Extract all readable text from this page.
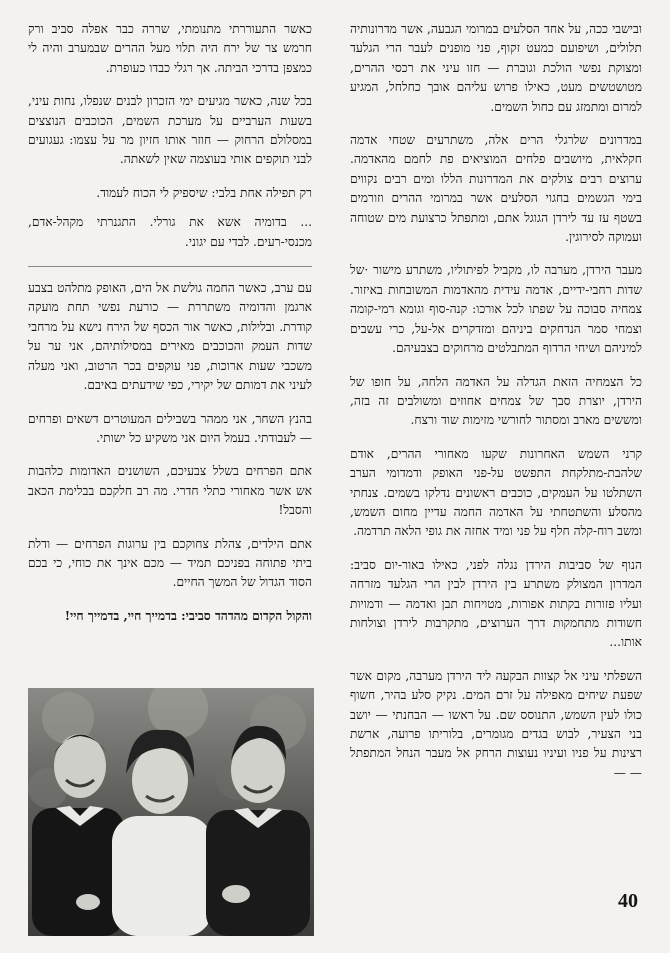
ובישבי ככה, על אחד הסלעים במרומי הגבעה, אשר מדרונותיה תלולים, ושיפועם כמעט זקוף, פני מופנים לעבר הרי הגלעד ומצוקת נפשי הולכת וגוברת — חזו עיני את רכסי ההרים, מטושטשים מעט, כאילו פרוש עליהם אובך כחלחל, המגיע למרום ומתמזג עם כחול השמים.

במדרונים שלרגלי הרים אלה, משתרעים שטחי אדמה חקלאית, מיושבים פלחים המוציאים פת לחמם מהאדמה. ערוצים רבים צולקים את המדרונות הללו ומים רבים נקווים בימי הגשמים בחגוי הסלעים אשר במרומי ההרים וזורמים בשטף עז עד לירדן הגוגל אתם, ומתפתל כרצועת מים שטוחה ועמוקה לסירוגין.

מעבר הירדן, מערבה לו, מקביל לפיתוליו, משתרע מישור ·של שדות רחבי-ידיים, אדמה עידית מהאדמות המשובחות באיזור. צמחיה סבוכה על שפתו לכל אורכו: קנה-סוף וגומא רמי-קומה וצמחי סמר הנדחקים ביניהם ומזדקרים אל-על, כרי עשבים למיניהם ושיחי הרדוף המתבלטים מרחוקים בצבעיהם.

כל הצמחיה הזאת הגדלה על האדמה הלחה, על חופו של הירדן, יוצרת סבך של צמחים אחוזים ומשולבים זה בזה, ומששים מארב ומסתור לחורשי מזימות שוד ורצח.

קרני השמש האחרונות שקעו מאחורי ההרים, אודם שלהבת-מתלקחת התפשט על-פני האופק ודמדומי הערב השתלטו על העמקים, כוכבים ראשונים נדלקו בשמים. צנחתי מהסלע והשתטחתי על האדמה החמה עדיין מחום השמש, ומשב רוח-קלה חלף על פני ומיד אחזה את גופי הלאה תרדמה.

הנוף של סביבות הירדן נגלה לפני, כאילו באור-יום סביב: המדרון המצולק משתרע בין הירדן לבין הרי הגלעד מזרחה ועליו פזורות בקתות אפורות, מטויחות תבן ואדמה — ודמויות חשודות מתחמקות דרך הערוצים, מתקרבות לירדן וצולחות אותו...

השפלתי עיני אל קצוות הבקעה ליד הירדן מערבה, מקום אשר שפעת שיחים מאפילה על זרם המים. נקיק סלע בהיר, חשוף כולו לעין השמש, התנוסס שם. על ראשו — הבחנתי — יושב בני הצעיר, לבוש בגדים מגומרים, בלוריתו פרועה, ארשת רצינות על פניו ועיניו נעוצות הרחק אל מעבר הנחל המתפתל — —

כאשר התעוררתי מתנומתי, שררה כבר אפלה סביב ורק חרמש צר של ירח היה תלוי מעל ההרים שבמערב והיה לי כמצפן בדרכי הביתה. אך רגלי כבדו כעופרת.

בכל שנה, כאשר מגיעים ימי הזכרון לבנים שנפלו, נחות עיני, בשעות הערביים על מערכת השמים, הכוכבים הנוצצים במסלולם הרחוק — חוזר אותו חזיון מר על עצמו: געגועים לבני תוקפים אותי בעוצמה שאין לשאתה.

רק תפילה אחת בלבי: שיספיק לי הכוח לעמוד.

... בדומיה אשא את גורלי. התגנרתי מקהל-אדם, מכנסי-רעים. לבדי עם יגוני.

עם ערב, כאשר החמה גולשת אל הים, האופק מתלהט בצבע ארגמן והדומיה משתררת — כורעת נפשי תחת מועקה קודרת. ובלילות, כאשר אור הכסף של הירח נישא על מרחבי שדות העמק והכוכבים מאירים במסילותיהם, אני ער על משכבי שעות ארוכות, פני עוקפים בכר הרטוב, ואני מעלה לעיני את דמותם של יקירי, כפי שידעתים באיבם.

בהנץ השחר, אני ממהר בשבילים המעוטרים דשאים ופרחים — לעבודתי. בעמל היום אני משקיע כל ישותי.

אתם הפרחים בשלל צבעיכם, השושנים האדומות כלהבות אש אשר מאחורי כתלי חדרי. מה רב חלקכם בבלימת הכאב והסבל!

אתם הילדים, צהלת צחוקכם בין ערוגות הפרחים — ודלת ביתי פתוחה בפניכם תמיד — מכם אינך את כוחי, כי בכם הסוד הגדול של המשך החיים.

והקול הקדום מהדהד סביבי: בדמייך חיי, בדמייך חיי!

40
